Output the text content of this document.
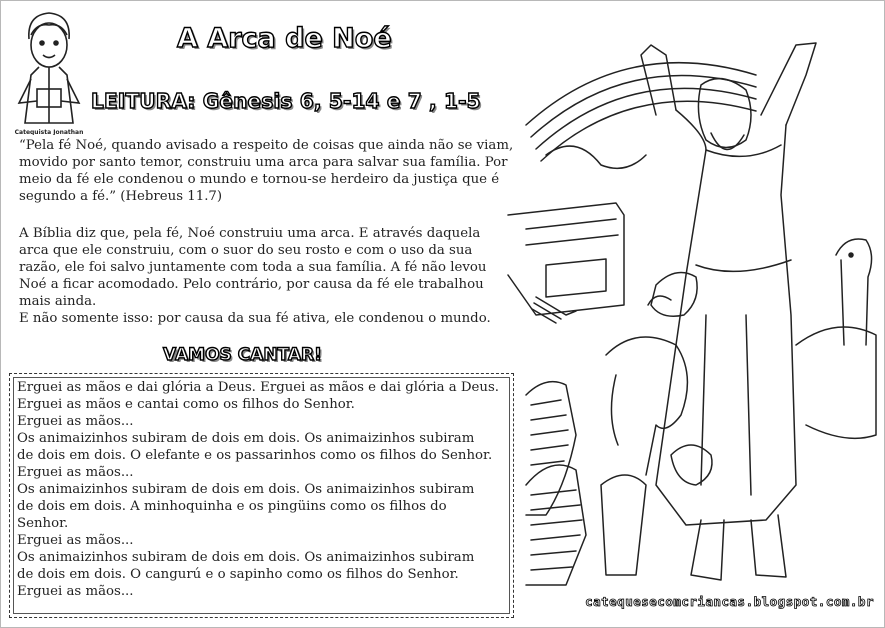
Catequista Jonathan
A Arca de Noé
LEITURA: Gênesis 6, 5-14 e 7 , 1-5

“Pela fé Noé, quando avisado a respeito de coisas que ainda não se viam,
movido por santo temor, construiu uma arca para salvar sua família. Por
meio da fé ele condenou o mundo e tornou-se herdeiro da justiça que é
segundo a fé.” (Hebreus 11.7)

A Bíblia diz que, pela fé, Noé construiu uma arca. E através daquela
arca que ele construiu, com o suor do seu rosto e com o uso da sua
razão, ele foi salvo juntamente com toda a sua família. A fé não levou
Noé a ficar acomodado. Pelo contrário, por causa da fé ele trabalhou
mais ainda.
E não somente isso: por causa da sua fé ativa, ele condenou o mundo.

VAMOS CANTAR!
Erguei as mãos e dai glória a Deus. Erguei as mãos e dai glória a Deus.
Erguei as mãos e cantai como os filhos do Senhor.
Erguei as mãos...
Os animaizinhos subiram de dois em dois. Os animaizinhos subiram
de dois em dois. O elefante e os passarinhos como os filhos do Senhor.
Erguei as mãos...
Os animaizinhos subiram de dois em dois. Os animaizinhos subiram
de dois em dois. A minhoquinha e os pingüins como os filhos do
Senhor.
Erguei as mãos...
Os animaizinhos subiram de dois em dois. Os animaizinhos subiram
de dois em dois. O cangurú e o sapinho como os filhos do Senhor.
Erguei as mãos...
catequesecomcriancas.blogspot.com.br
